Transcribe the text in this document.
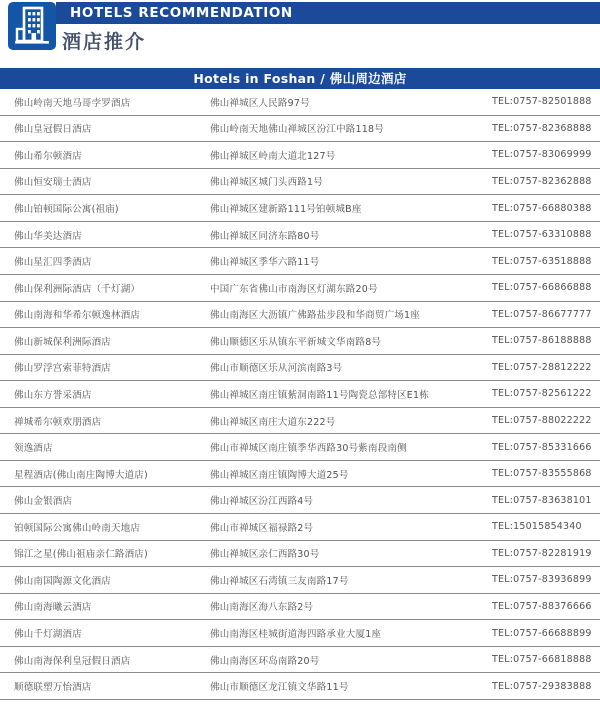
HOTELS RECOMMENDATION
酒店推介
Hotels in Foshan / 佛山周边酒店
佛山岭南天地马哥孛罗酒店	佛山禅城区人民路97号	TEL:0757-82501888
佛山皇冠假日酒店	佛山岭南天地佛山禅城区汾江中路118号	TEL:0757-82368888
佛山希尔顿酒店	佛山禅城区岭南大道北127号	TEL:0757-83069999
佛山恒安瑞士酒店	佛山禅城区城门头西路1号	TEL:0757-82362888
佛山铂顿国际公寓(祖庙)	佛山禅城区建新路111号铂顿城B座	TEL:0757-66880388
佛山华美达酒店	佛山禅城区同济东路80号	TEL:0757-63310888
佛山星汇四季酒店	佛山禅城区季华六路11号	TEL:0757-63518888
佛山保利洲际酒店（千灯湖）	中国广东省佛山市南海区灯湖东路20号	TEL:0757-66866888
佛山南海和华希尔顿逸林酒店	佛山南海区大沥镇广佛路盐步段和华商贸广场1座	TEL:0757-86677777
佛山新城保利洲际酒店	佛山顺德区乐从镇东平新城文华南路8号	TEL:0757-86188888
佛山罗浮宫索菲特酒店	佛山市顺德区乐从河滨南路3号	TEL:0757-28812222
佛山东方誉采酒店	佛山禅城区南庄镇紫洞南路11号陶瓷总部特区E1栋	TEL:0757-82561222
禅城希尔顿欢朋酒店	佛山禅城区南庄大道东222号	TEL:0757-88022222
领逸酒店	佛山市禅城区南庄镇季华西路30号紫南段南侧	TEL:0757-85331666
星程酒店(佛山南庄陶博大道店)	佛山禅城区南庄镇陶博大道25号	TEL:0757-83555868
佛山金银酒店	佛山禅城区汾江西路4号	TEL:0757-83638101
铂顿国际公寓佛山岭南天地店	佛山市禅城区福禄路2号	TEL:15015854340
锦江之星(佛山祖庙亲仁路酒店)	佛山禅城区亲仁西路30号	TEL:0757-82281919
佛山南国陶源文化酒店	佛山禅城区石湾镇三友南路17号	TEL:0757-83936899
佛山南海曦云酒店	佛山南海区海八东路2号	TEL:0757-88376666
佛山千灯湖酒店	佛山南海区桂城街道海四路承业大厦1座	TEL:0757-66688899
佛山南海保利皇冠假日酒店	佛山南海区环岛南路20号	TEL:0757-66818888
顺德联塑万怡酒店	佛山市顺德区龙江镇文华路11号	TEL:0757-29383888
